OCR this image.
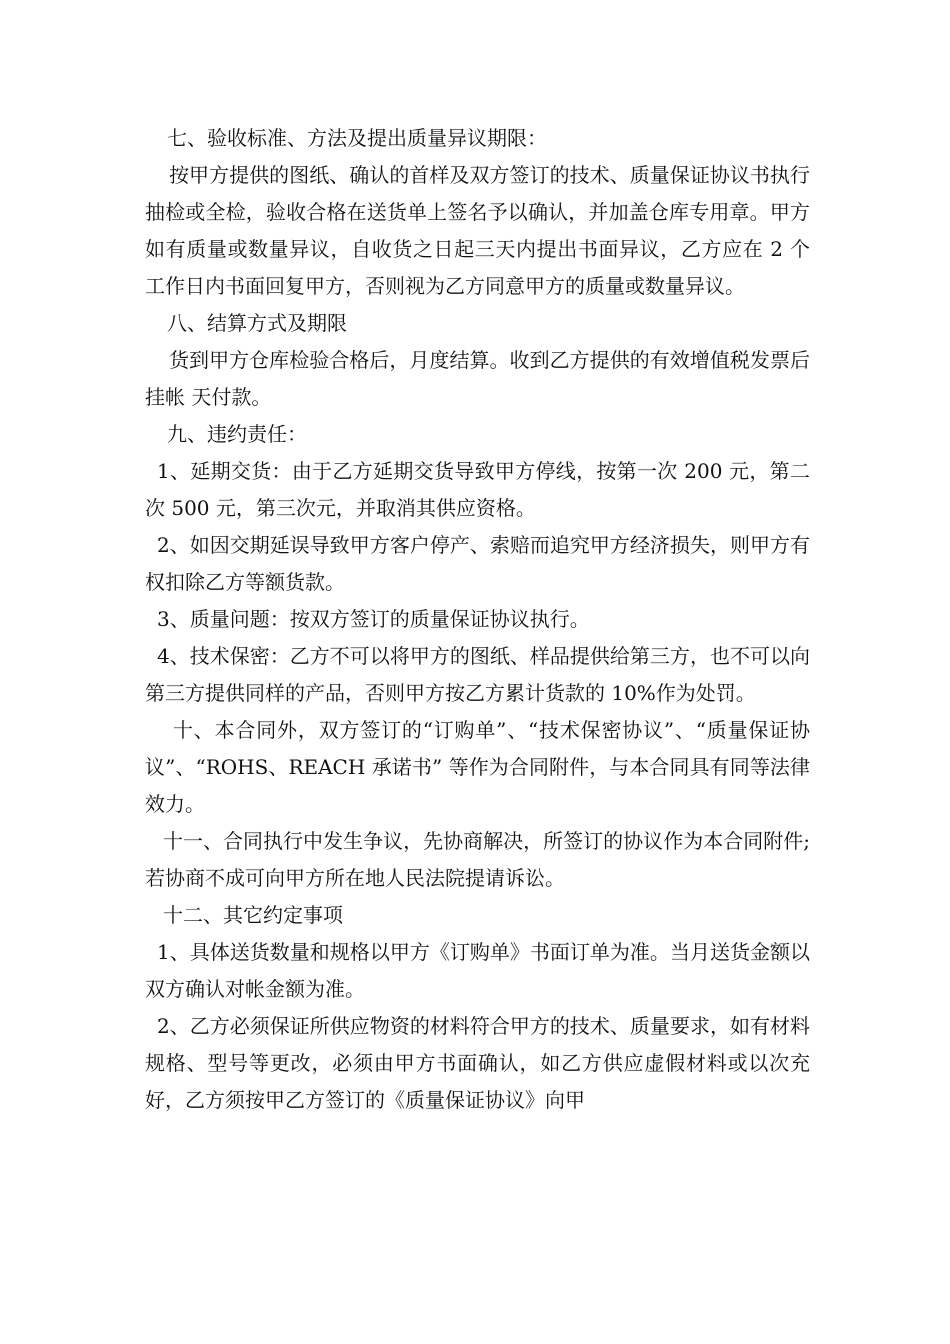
七、验收标准、方法及提出质量异议期限：

按甲方提供的图纸、确认的首样及双方签订的技术、质量保证协议书执行抽检或全检，验收合格在送货单上签名予以确认，并加盖仓库专用章。甲方如有质量或数量异议，自收货之日起三天内提出书面异议，乙方应在 2 个工作日内书面回复甲方，否则视为乙方同意甲方的质量或数量异议。

八、结算方式及期限

货到甲方仓库检验合格后，月度结算。收到乙方提供的有效增值税发票后挂帐 天付款。

九、违约责任：

1、延期交货：由于乙方延期交货导致甲方停线，按第一次 200 元，第二次 500 元，第三次元，并取消其供应资格。

2、如因交期延误导致甲方客户停产、索赔而追究甲方经济损失，则甲方有权扣除乙方等额货款。

3、质量问题：按双方签订的质量保证协议执行。

4、技术保密：乙方不可以将甲方的图纸、样品提供给第三方，也不可以向第三方提供同样的产品，否则甲方按乙方累计货款的 10%作为处罚。

十、本合同外，双方签订的“订购单”、“技术保密协议”、“质量保证协议”、“ROHS、REACH 承诺书” 等作为合同附件，与本合同具有同等法律效力。

十一、合同执行中发生争议，先协商解决，所签订的协议作为本合同附件;若协商不成可向甲方所在地人民法院提请诉讼。

十二、其它约定事项

1、具体送货数量和规格以甲方《订购单》书面订单为准。当月送货金额以双方确认对帐金额为准。

2、乙方必须保证所供应物资的材料符合甲方的技术、质量要求，如有材料规格、型号等更改，必须由甲方书面确认，如乙方供应虚假材料或以次充好，乙方须按甲乙方签订的《质量保证协议》向甲
